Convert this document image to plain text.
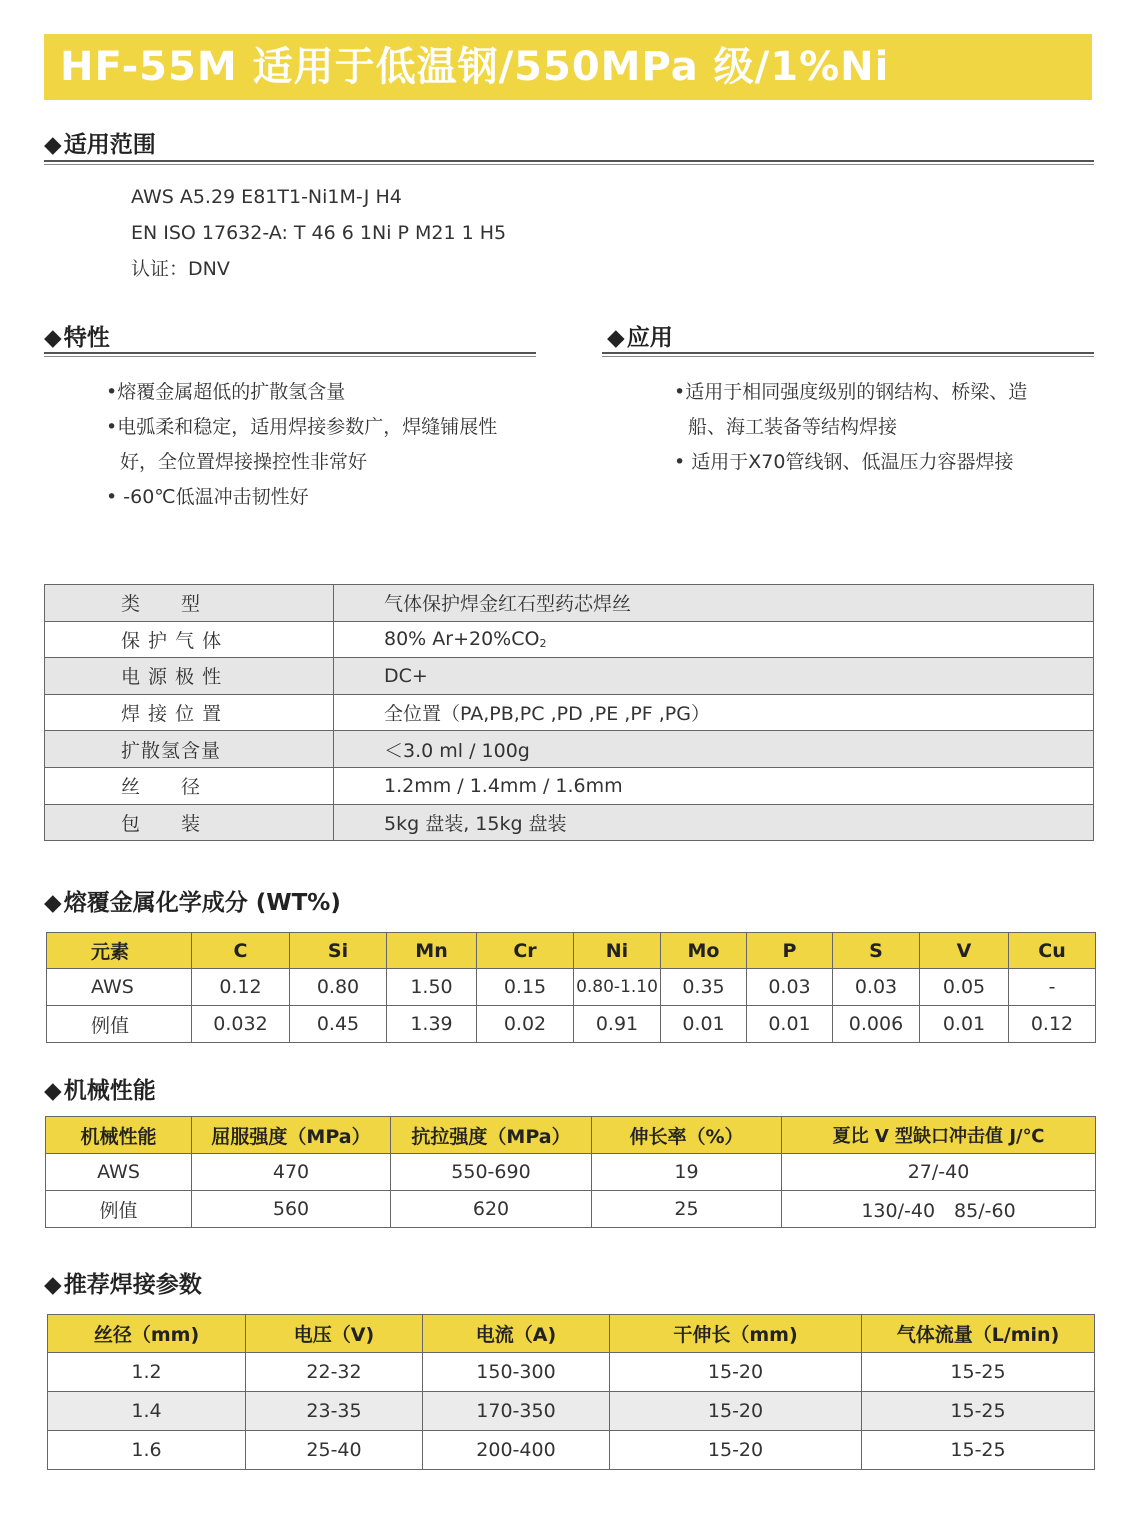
HF-55M 适用于低温钢/550MPa 级/1%Ni
◆适用范围
AWS A5.29 E81T1-Ni1M-J H4
EN ISO 17632-A: T 46 6 1Ni P M21 1 H5
认证：DNV
◆特性
•熔覆金属超低的扩散氢含量
•电弧柔和稳定，适用焊接参数广，焊缝铺展性
好，全位置焊接操控性非常好
• -60℃低温冲击韧性好
◆应用
•适用于相同强度级别的钢结构、桥梁、造
船、海工装备等结构焊接
• 适用于X70管线钢、低温压力容器焊接
类　　型	气体保护焊金红石型药芯焊丝
保 护 气 体	80% $Ar+20\%CO_2$
电 源 极 性	DC+
焊 接 位 置	全位置（PA,PB,PC ,PD ,PE ,PF ,PG）
扩散氢含量	＜3.0 ml / 100g
丝　　径	1.2mm / 1.4mm / 1.6mm
包　　装	5kg 盘装, 15kg 盘装
◆熔覆金属化学成分 (WT%)
元素	C	Si	Mn	Cr	Ni	Mo	P	S	V	Cu
AWS	0.12	0.80	1.50	0.15	0.80-1.10	0.35	0.03	0.03	0.05	-
例值	0.032	0.45	1.39	0.02	0.91	0.01	0.01	0.006	0.01	0.12
◆机械性能
机械性能	屈服强度（MPa）	抗拉强度（MPa）	伸长率（%）	夏比 V 型缺口冲击值 J/℃
AWS	470	550-690	19	27/-40
例值	560	620	25	130/-40　85/-60
◆推荐焊接参数
丝径（mm)	电压（V)	电流（A)	干伸长（mm)	气体流量（L/min)
1.2	22-32	150-300	15-20	15-25
1.4	23-35	170-350	15-20	15-25
1.6	25-40	200-400	15-20	15-25
